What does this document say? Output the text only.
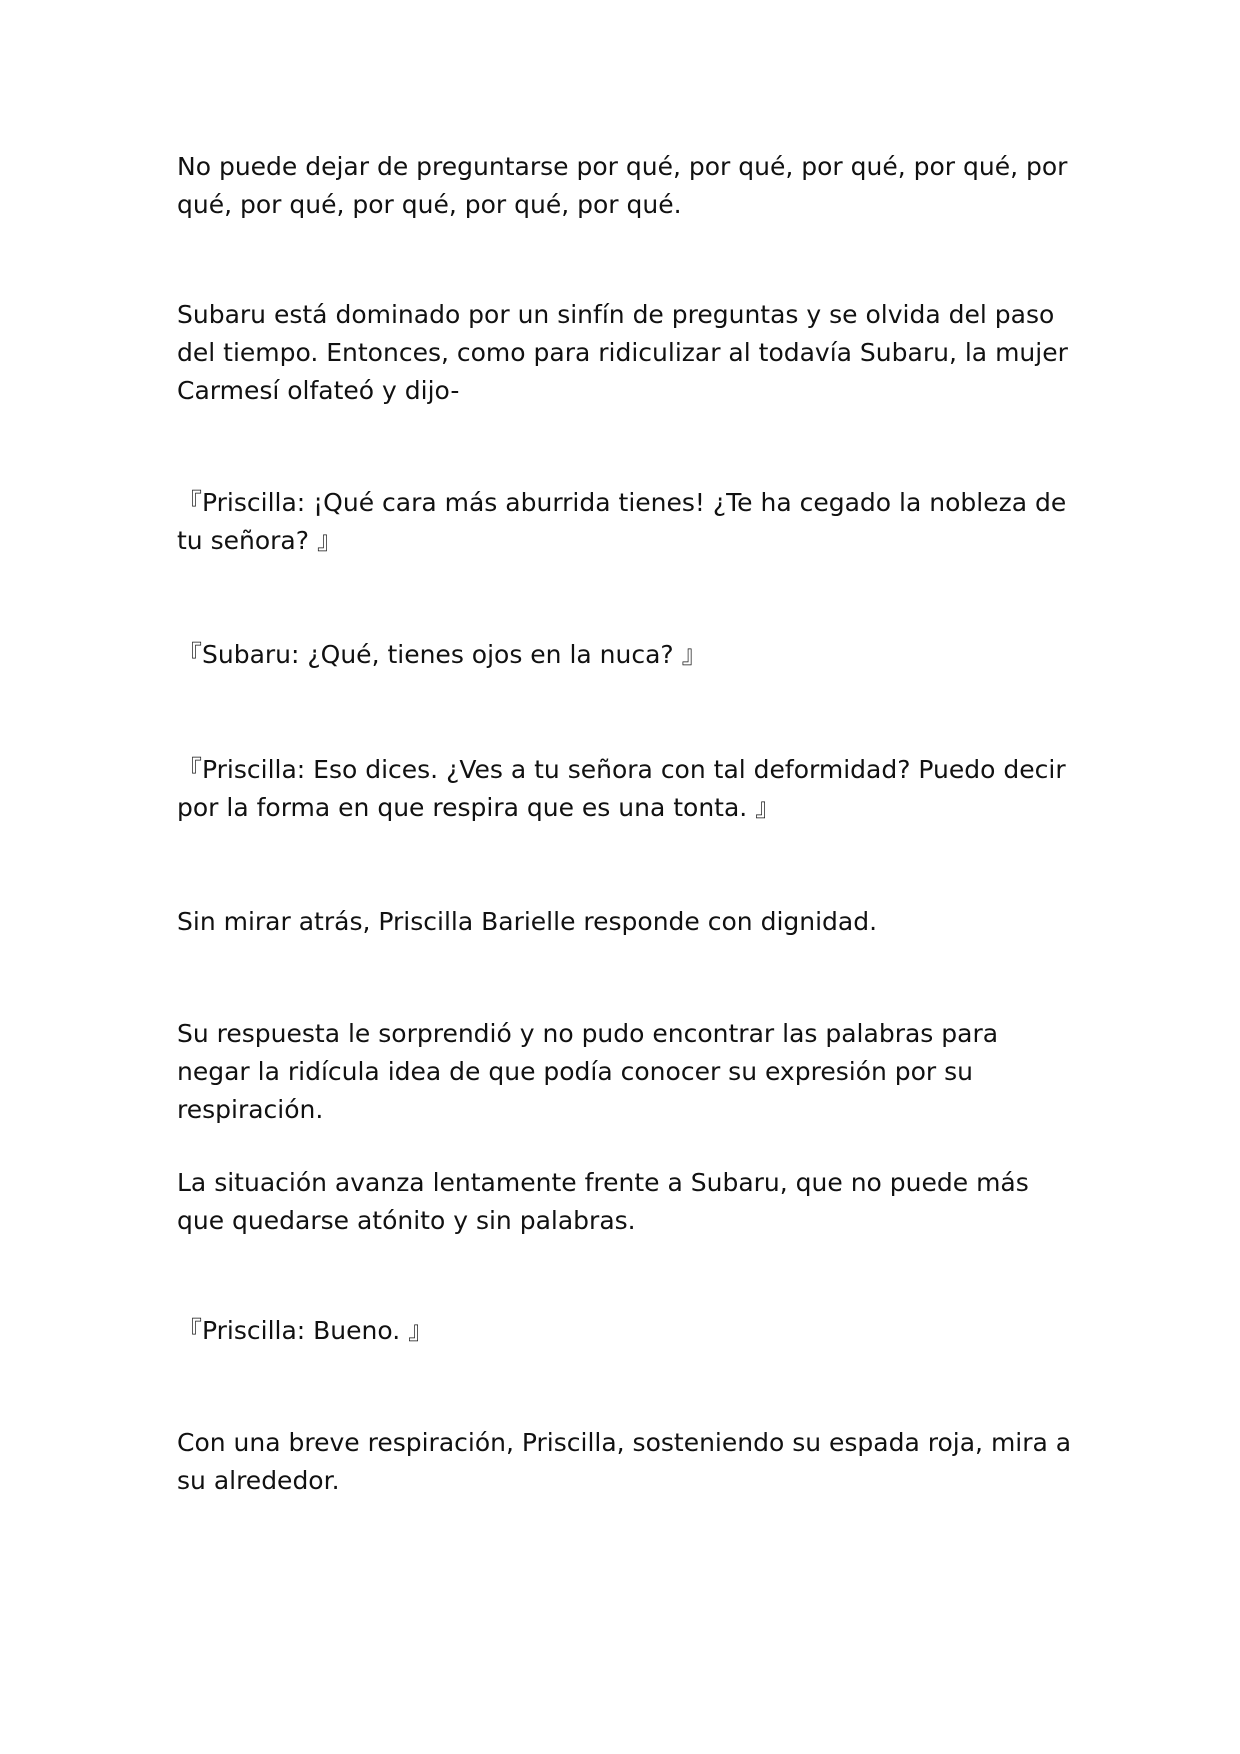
No puede dejar de preguntarse por qué, por qué, por qué, por qué, por qué, por qué, por qué, por qué, por qué.

Subaru está dominado por un sinfín de preguntas y se olvida del paso del tiempo. Entonces, como para ridiculizar al todavía Subaru, la mujer Carmesí olfateó y dijo-

『Priscilla: ¡Qué cara más aburrida tienes! ¿Te ha cegado la nobleza de tu señora? 』

『Subaru: ¿Qué, tienes ojos en la nuca? 』

『Priscilla: Eso dices. ¿Ves a tu señora con tal deformidad? Puedo decir por la forma en que respira que es una tonta. 』

Sin mirar atrás, Priscilla Barielle responde con dignidad.

Su respuesta le sorprendió y no pudo encontrar las palabras para negar la ridícula idea de que podía conocer su expresión por su respiración.

La situación avanza lentamente frente a Subaru, que no puede más que quedarse atónito y sin palabras.

『Priscilla: Bueno. 』

Con una breve respiración, Priscilla, sosteniendo su espada roja, mira a su alrededor.
